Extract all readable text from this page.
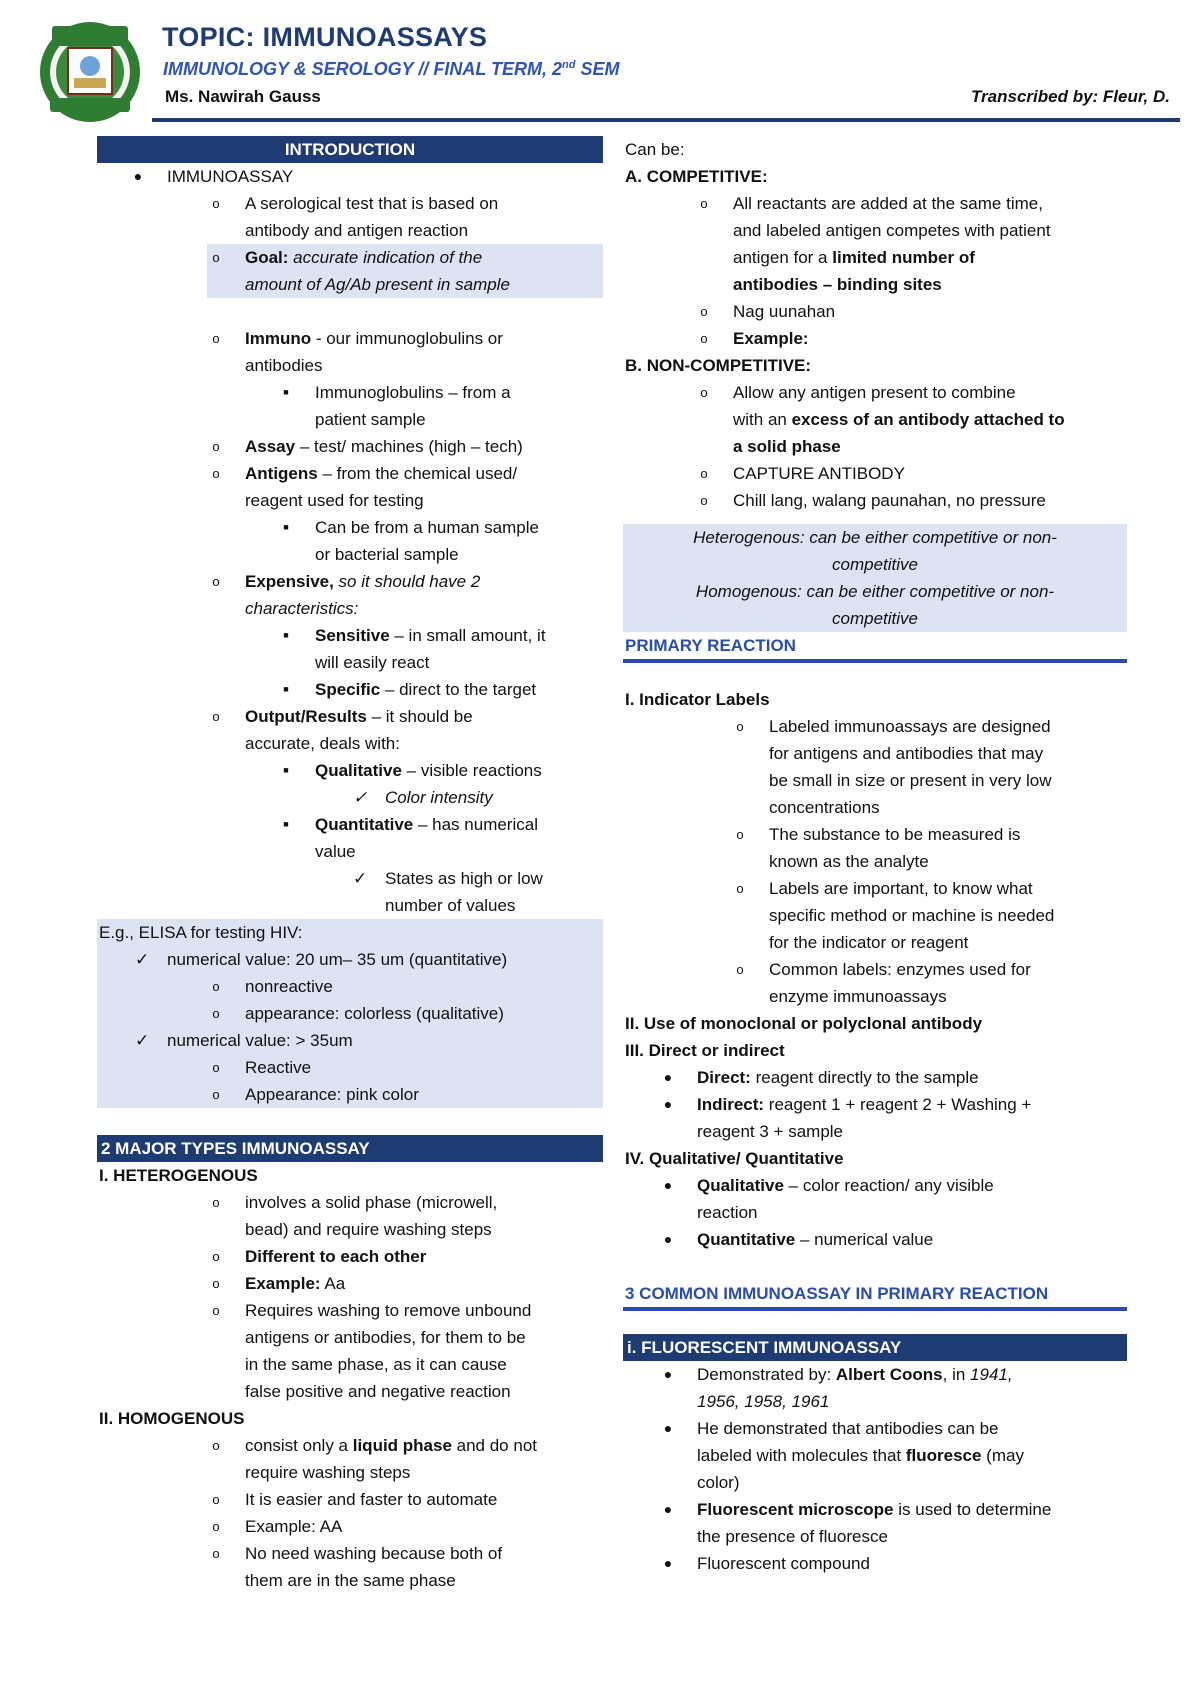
TOPIC: IMMUNOASSAYS
IMMUNOLOGY & SEROLOGY // FINAL TERM, 2nd SEM
Ms. Nawirah Gauss	Transcribed by: Fleur, D.
INTRODUCTION
● IMMUNOASSAY
o A serological test that is based on
antibody and antigen reaction
o Goal: accurate indication of the
amount of Ag/Ab present in sample
o Immuno - our immunoglobulins or
antibodies
■ Immunoglobulins – from a
patient sample
o Assay – test/ machines (high – tech)
o Antigens – from the chemical used/
reagent used for testing
■ Can be from a human sample
or bacterial sample
o Expensive, so it should have 2
characteristics:
■ Sensitive – in small amount, it
will easily react
■ Specific – direct to the target
o Output/Results – it should be
accurate, deals with:
■ Qualitative – visible reactions
✓ Color intensity
■ Quantitative – has numerical
value
✓ States as high or low
number of values
E.g., ELISA for testing HIV:
✓ numerical value: 20 um– 35 um (quantitative)
o nonreactive
o appearance: colorless (qualitative)
✓ numerical value: > 35um
o Reactive
o Appearance: pink color
2 MAJOR TYPES IMMUNOASSAY
I. HETEROGENOUS
o involves a solid phase (microwell,
bead) and require washing steps
o Different to each other
o Example: Aa
o Requires washing to remove unbound
antigens or antibodies, for them to be
in the same phase, as it can cause
false positive and negative reaction
II. HOMOGENOUS
o consist only a liquid phase and do not
require washing steps
o It is easier and faster to automate
o Example: AA
o No need washing because both of
them are in the same phase
Can be:
A. COMPETITIVE:
o All reactants are added at the same time,
and labeled antigen competes with patient
antigen for a limited number of
antibodies – binding sites
o Nag uunahan
o Example:
B. NON-COMPETITIVE:
o Allow any antigen present to combine
with an excess of an antibody attached to
a solid phase
o CAPTURE ANTIBODY
o Chill lang, walang paunahan, no pressure
Heterogenous: can be either competitive or non-
competitive
Homogenous: can be either competitive or non-
competitive
PRIMARY REACTION
I. Indicator Labels
o Labeled immunoassays are designed
for antigens and antibodies that may
be small in size or present in very low
concentrations
o The substance to be measured is
known as the analyte
o Labels are important, to know what
specific method or machine is needed
for the indicator or reagent
o Common labels: enzymes used for
enzyme immunoassays
II. Use of monoclonal or polyclonal antibody
III. Direct or indirect
● Direct: reagent directly to the sample
● Indirect: reagent 1 + reagent 2 + Washing +
reagent 3 + sample
IV. Qualitative/ Quantitative
● Qualitative – color reaction/ any visible
reaction
● Quantitative – numerical value
3 COMMON IMMUNOASSAY IN PRIMARY REACTION
i. FLUORESCENT IMMUNOASSAY
● Demonstrated by: Albert Coons, in 1941,
1956, 1958, 1961
● He demonstrated that antibodies can be
labeled with molecules that fluoresce (may
color)
● Fluorescent microscope is used to determine
the presence of fluoresce
● Fluorescent compound
